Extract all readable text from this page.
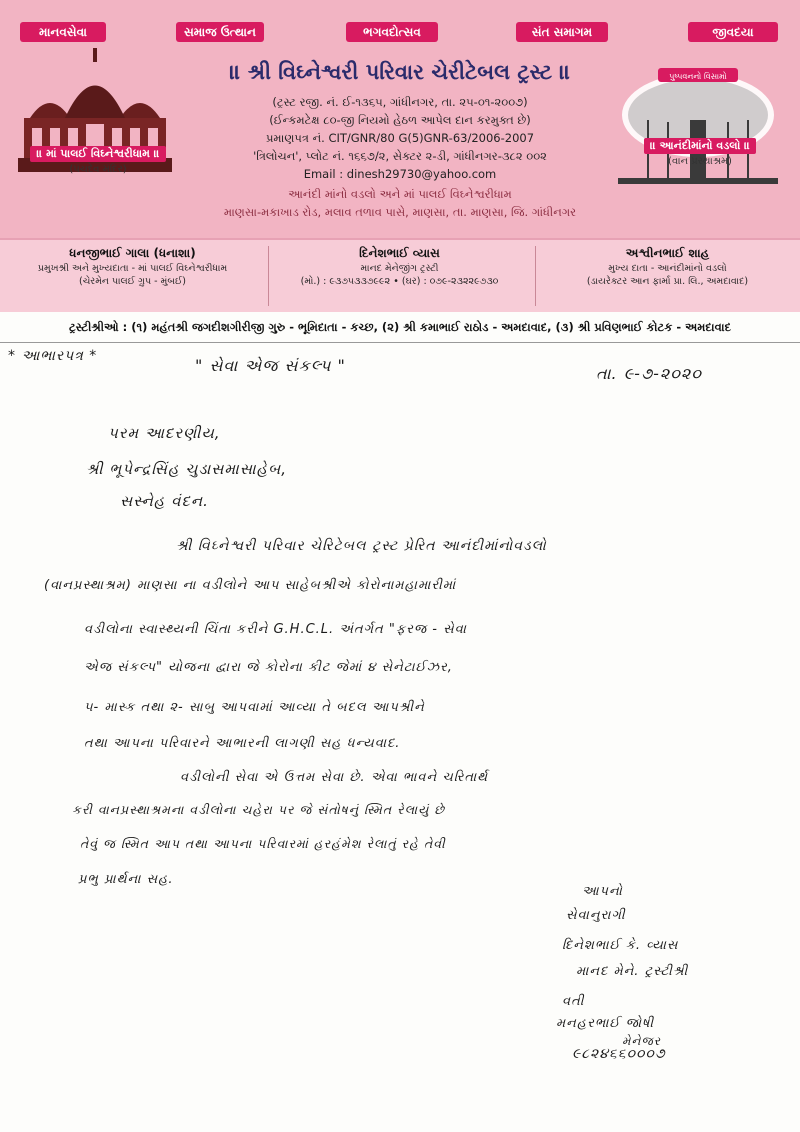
માનવસેવા	સમાજ ઉત્થાન	ભગવદોત્સવ	સંત સમાગમ	જીવદયા
॥ માં પાલઈ વિઘ્નેશ્વરીધામ ॥
(પંચદેવ મંદિર)
॥ શ્રી વિઘ્નેશ્વરી પરિવાર ચેરીટેબલ ટ્રસ્ટ ॥
(ટ્રસ્ટ રજી. નં. ઈ-૧૩૬૫, ગાંધીનગર, તા. ૨૫-૦૧-૨૦૦૭)
(ઈન્કમટેક્ષ ૮૦-જી નિયમો હેઠળ આપેલ દાન કરમુક્ત છે)
પ્રમાણપત્ર નં. CIT/GNR/80 G(5)GNR-63/2006-2007
'ત્રિલોચન', પ્લોટ નં. ૧૬૬૭/૨, સેક્ટર ૨-ડી, ગાંધીનગર-૩૮૨ ૦૦૨
Email : dinesh29730@yahoo.com
આનંદી માંનો વડલો અને માં પાલઈ વિઘ્નેશ્વરીધામ
માણસા-મકાખાડ રોડ, મલાવ તળાવ પાસે, માણસા, તા. માણસા, જિ. ગાંધીનગર
પુષ્પવનનો વિસામો
॥ આનંદીમાંનો વડલો ॥
(વાન પ્રસ્થાશ્રમ)
ધનજીભાઈ ગાલા (ધનાશા)
પ્રમુખશ્રી અને મુખ્યદાતા - માં પાલઈ વિઘ્નેશ્વરીધામ
(ચેરમેન પાલઈ ગ્રુપ - મુંબઈ)
દિનેશભાઈ વ્યાસ
માનદ મેનેજીંગ ટ્રસ્ટી
(મો.) : ૯૩૭૫૩૩૭૯૯૨ • (ઘર) : ૦૭૯-૨૩૨૨૯૭૩૦
અશ્વીનભાઈ શાહ
મુખ્ય દાતા - આનંદીમાંનો વડલો
(ડાયરેક્ટર આન ફાર્મા પ્રા. લિ., અમદાવાદ)
ટ્રસ્ટીશ્રીઓ : (૧) મહંતશ્રી જગદીશગીરીજી ગુરુ - ભૂમિદાતા - કચ્છ, (૨) શ્રી કમાભાઈ રાઠોડ - અમદાવાદ, (૩) શ્રી પ્રવિણભાઈ કોટક - અમદાવાદ
* આભારપત્ર *	" સેવા એજ સંકલ્પ "	તા. ૯-૭-૨૦૨૦
પરમ આદરણીય,
શ્રી ભૂપેન્દ્રસિંહ ચુડાસમાસાહેબ,
સસ્નેહ વંદન.
શ્રી વિઘ્નેશ્વરી પરિવાર ચેરિટેબલ ટ્રસ્ટ પ્રેરિત આનંદીમાંનોવડલો
(વાનપ્રસ્થાશ્રમ) માણસા ના વડીલોને આપ સાહેબશ્રીએ કોરોનામહામારીમાં
વડીલોના સ્વાસ્થ્યની ચિંતા કરીને G.H.C.L. અંતર્ગત "ફરજ - સેવા
એજ સંકલ્પ" યોજના દ્વારા જે કોરોના કીટ જેમાં ૪ સેનેટાઈઝર,
૫- માસ્ક તથા ૨- સાબુ આપવામાં આવ્યા તે બદલ આપશ્રીને
તથા આપના પરિવારને આભારની લાગણી સહ ધન્યવાદ.
વડીલોની સેવા એ ઉત્તમ સેવા છે. એવા ભાવને ચરિતાર્થ
કરી વાનપ્રસ્થાશ્રમના વડીલોના ચહેરા પર જે સંતોષનું સ્મિત રેલાયું છે
તેવું જ સ્મિત આપ તથા આપના પરિવારમાં હરહંમેશ રેલાતું રહે તેવી
પ્રભુ પ્રાર્થના સહ.
આપનો
સેવાનુરાગી
દિનેશભાઈ કે. વ્યાસ
માનદ મેને. ટ્રસ્ટીશ્રી
વતી
મનહરભાઈ જોષી
મેનેજર
૯૮૨૪૬૬૦૦૦૭
